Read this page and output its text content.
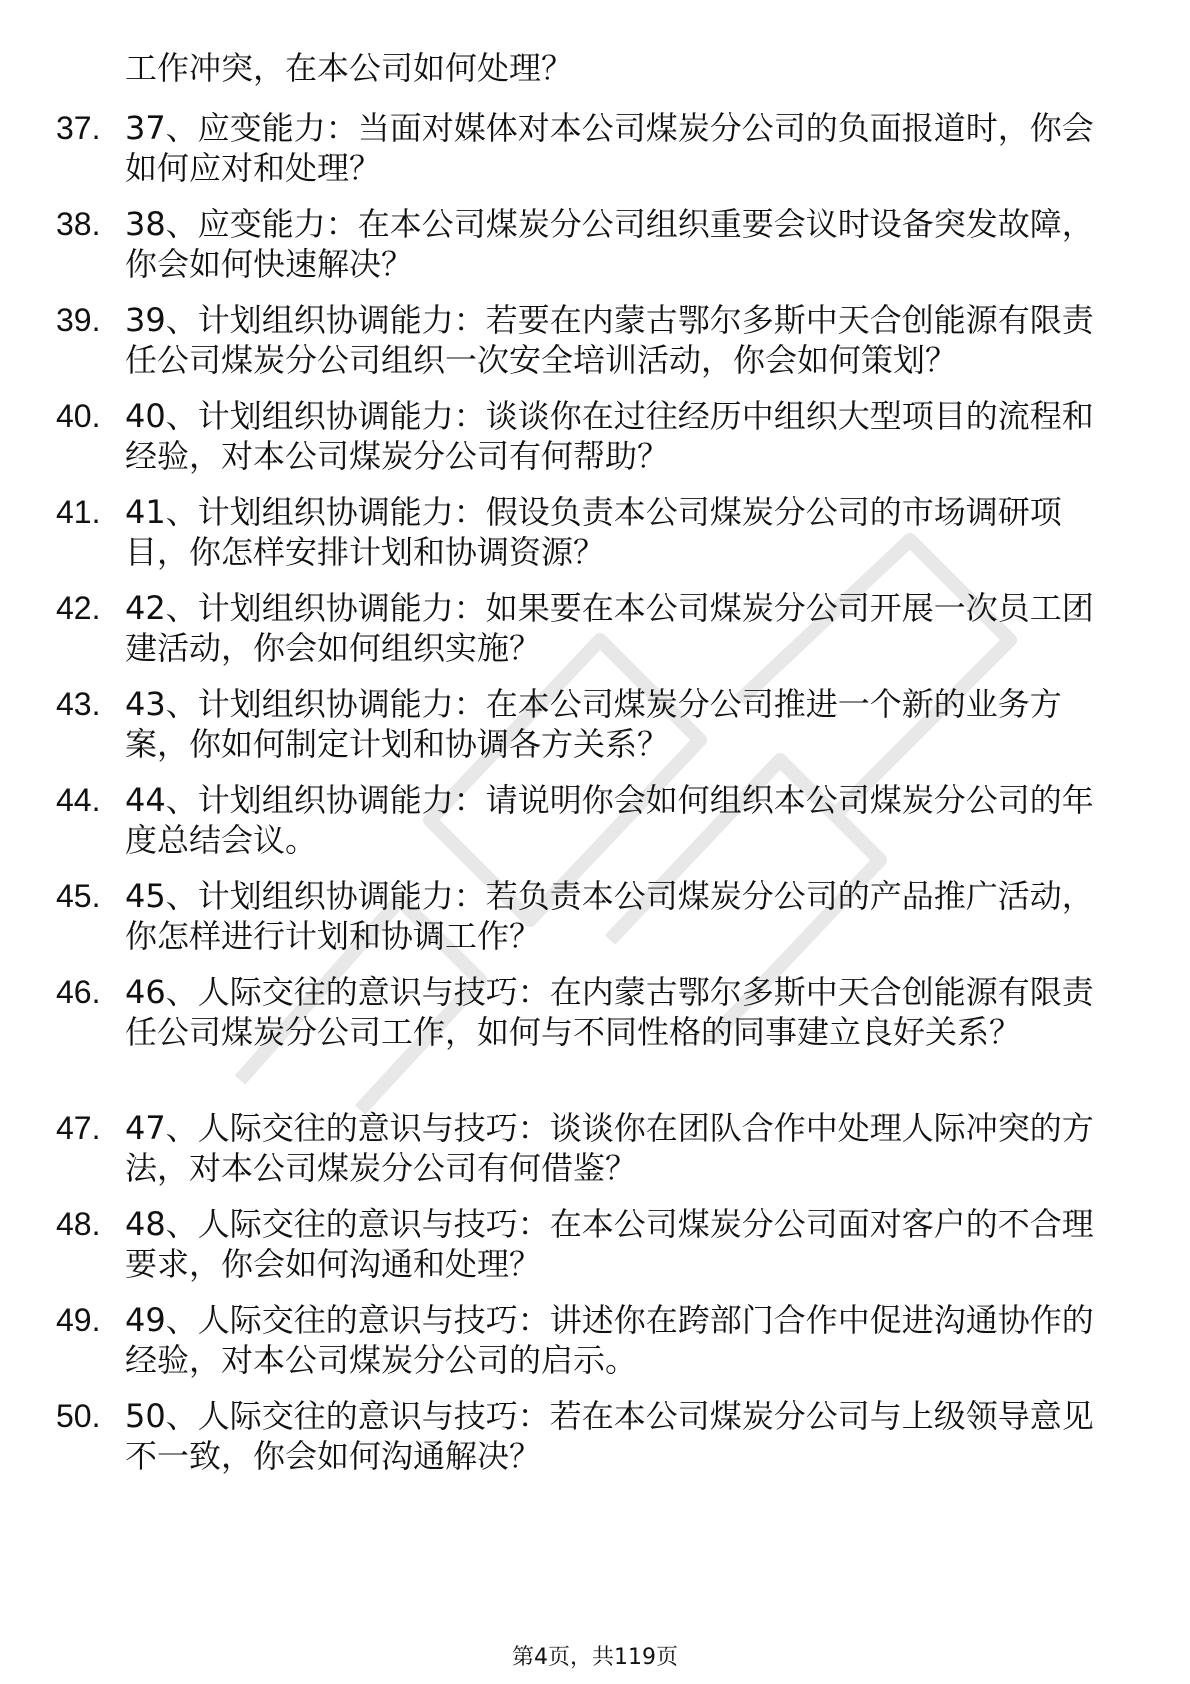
工作冲突，在本公司如何处理？
37. 37、应变能力：当面对媒体对本公司煤炭分公司的负面报道时，你会如何应对和处理？
38. 38、应变能力：在本公司煤炭分公司组织重要会议时设备突发故障，你会如何快速解决？
39. 39、计划组织协调能力：若要在内蒙古鄂尔多斯中天合创能源有限责任公司煤炭分公司组织一次安全培训活动，你会如何策划？
40. 40、计划组织协调能力：谈谈你在过往经历中组织大型项目的流程和经验，对本公司煤炭分公司有何帮助？
41. 41、计划组织协调能力：假设负责本公司煤炭分公司的市场调研项目，你怎样安排计划和协调资源？
42. 42、计划组织协调能力：如果要在本公司煤炭分公司开展一次员工团建活动，你会如何组织实施？
43. 43、计划组织协调能力：在本公司煤炭分公司推进一个新的业务方案，你如何制定计划和协调各方关系？
44. 44、计划组织协调能力：请说明你会如何组织本公司煤炭分公司的年度总结会议。
45. 45、计划组织协调能力：若负责本公司煤炭分公司的产品推广活动，你怎样进行计划和协调工作？
46. 46、人际交往的意识与技巧：在内蒙古鄂尔多斯中天合创能源有限责任公司煤炭分公司工作，如何与不同性格的同事建立良好关系？
47. 47、人际交往的意识与技巧：谈谈你在团队合作中处理人际冲突的方法，对本公司煤炭分公司有何借鉴？
48. 48、人际交往的意识与技巧：在本公司煤炭分公司面对客户的不合理要求，你会如何沟通和处理？
49. 49、人际交往的意识与技巧：讲述你在跨部门合作中促进沟通协作的经验，对本公司煤炭分公司的启示。
50. 50、人际交往的意识与技巧：若在本公司煤炭分公司与上级领导意见不一致，你会如何沟通解决？
第4页，共119页
